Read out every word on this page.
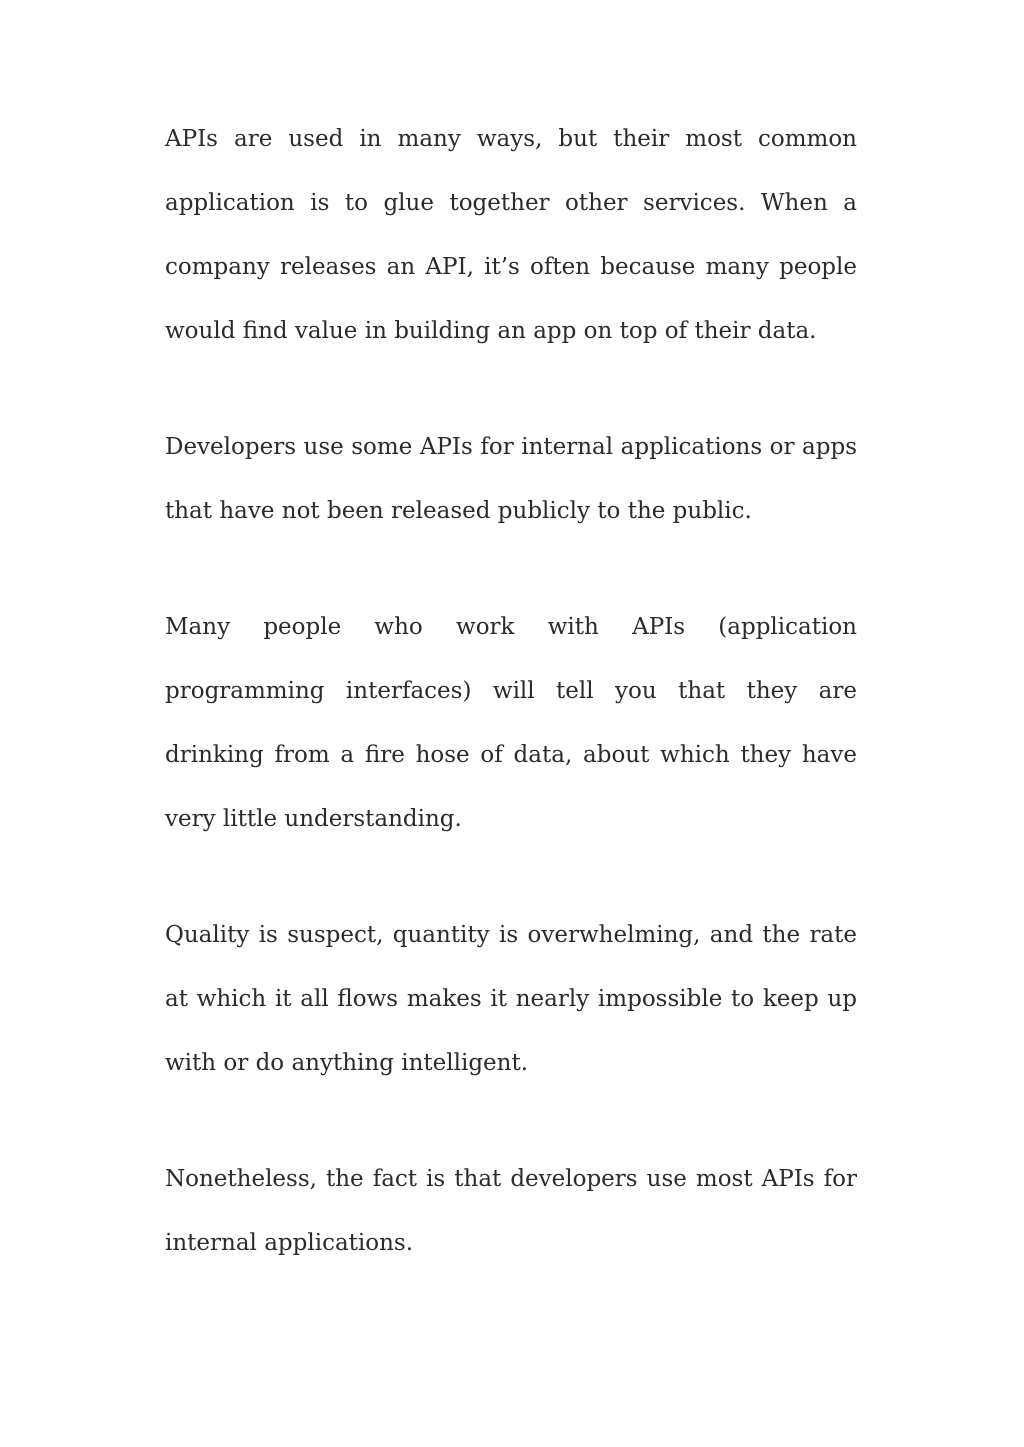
APIs are used in many ways, but their most common application is to glue together other services. When a company releases an API, it’s often because many people would find value in building an app on top of their data.

Developers use some APIs for internal applications or apps that have not been released publicly to the public.

Many people who work with APIs (application programming interfaces) will tell you that they are drinking from a fire hose of data, about which they have very little understanding.

Quality is suspect, quantity is overwhelming, and the rate at which it all flows makes it nearly impossible to keep up with or do anything intelligent.

Nonetheless, the fact is that developers use most APIs for internal applications.
